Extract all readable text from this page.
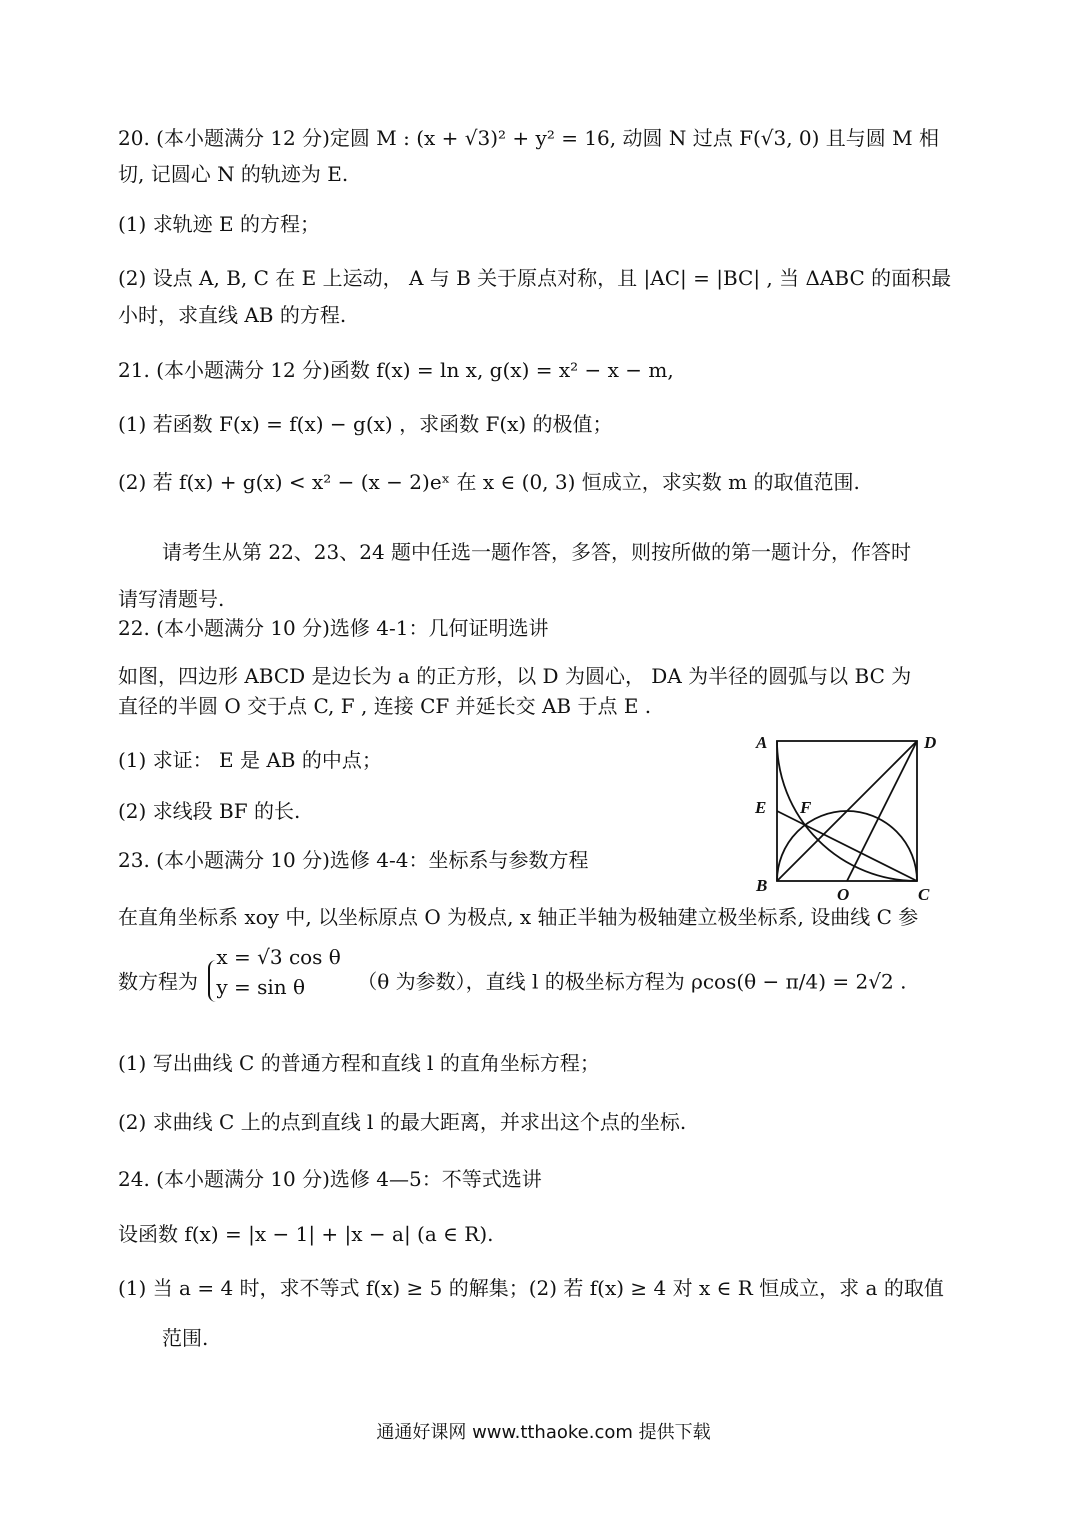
20. (本小题满分 12 分)定圆 M : (x + √3)² + y² = 16, 动圆 N 过点 F(√3, 0) 且与圆 M 相
切, 记圆心 N 的轨迹为 E.
(1) 求轨迹 E 的方程；
(2) 设点 A, B, C 在 E 上运动， A 与 B 关于原点对称，且 |AC| = |BC| , 当 ΔABC 的面积最
小时，求直线 AB 的方程.
21. (本小题满分 12 分)函数 f(x) = ln x, g(x) = x² − x − m,
(1) 若函数 F(x) = f(x) − g(x) ，求函数 F(x) 的极值；
(2) 若 f(x) + g(x) < x² − (x − 2)eˣ 在 x ∈ (0, 3) 恒成立，求实数 m 的取值范围.
请考生从第 22、23、24 题中任选一题作答，多答，则按所做的第一题计分，作答时
请写清题号.
22. (本小题满分 10 分)选修 4-1：几何证明选讲
如图，四边形 ABCD 是边长为 a 的正方形，以 D 为圆心， DA 为半径的圆弧与以 BC 为
直径的半圆 O 交于点 C, F , 连接 CF 并延长交 AB 于点 E .
(1) 求证： E 是 AB 的中点；
(2) 求线段 BF 的长.
A	D
E F
B	O	C
23. (本小题满分 10 分)选修 4-4：坐标系与参数方程
在直角坐标系 xoy 中, 以坐标原点 O 为极点, x 轴正半轴为极轴建立极坐标系, 设曲线 C 参
数方程为
x = √3 cos θ
y = sin θ	（θ 为参数），直线 l 的极坐标方程为 ρcos(θ − π/4) = 2√2 .
(1) 写出曲线 C 的普通方程和直线 l 的直角坐标方程；
(2) 求曲线 C 上的点到直线 l 的最大距离，并求出这个点的坐标.
24. (本小题满分 10 分)选修 4—5：不等式选讲
设函数 f(x) = |x − 1| + |x − a| (a ∈ R).
(1) 当 a = 4 时，求不等式 f(x) ≥ 5 的解集；(2) 若 f(x) ≥ 4 对 x ∈ R 恒成立，求 a 的取值
范围.
通通好课网 www.tthaoke.com 提供下载
